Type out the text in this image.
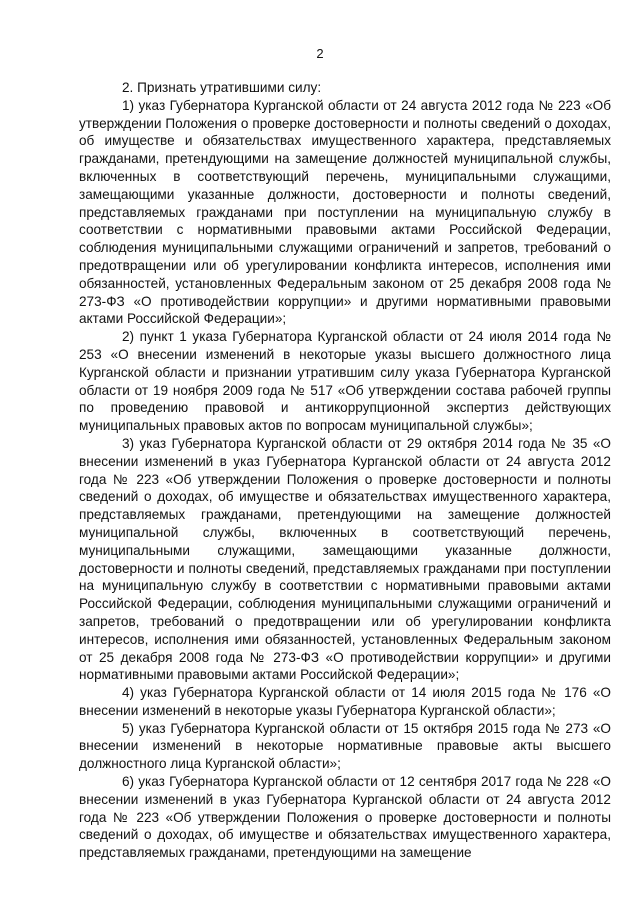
2

2. Признать утратившими силу:

1) указ Губернатора Курганской области от 24 августа 2012 года № 223 «Об утверждении Положения о проверке достоверности и полноты сведений о доходах, об имуществе и обязательствах имущественного характера, представляемых гражданами, претендующими на замещение должностей муниципальной службы, включенных в соответствующий перечень, муниципальными служащими, замещающими указанные должности, достоверности и полноты сведений, представляемых гражданами при поступлении на муниципальную службу в соответствии с нормативными правовыми актами Российской Федерации, соблюдения муниципальными служащими ограничений и запретов, требований о предотвращении или об урегулировании конфликта интересов, исполнения ими обязанностей, установленных Федеральным законом от 25 декабря 2008 года № 273-ФЗ «О противодействии коррупции» и другими нормативными правовыми актами Российской Федерации»;

2) пункт 1 указа Губернатора Курганской области от 24 июля 2014 года № 253 «О внесении изменений в некоторые указы высшего должностного лица Курганской области и признании утратившим силу указа Губернатора Курганской области от 19 ноября 2009 года № 517 «Об утверждении состава рабочей группы по проведению правовой и антикоррупционной экспертиз действующих муниципальных правовых актов по вопросам муниципальной службы»;

3) указ Губернатора Курганской области от 29 октября 2014 года № 35 «О внесении изменений в указ Губернатора Курганской области от 24 августа 2012 года № 223 «Об утверждении Положения о проверке достоверности и полноты сведений о доходах, об имуществе и обязательствах имущественного характера, представляемых гражданами, претендующими на замещение должностей муниципальной службы, включенных в соответствующий перечень, муниципальными служащими, замещающими указанные должности, достоверности и полноты сведений, представляемых гражданами при поступлении на муниципальную службу в соответствии с нормативными правовыми актами Российской Федерации, соблюдения муниципальными служащими ограничений и запретов, требований о предотвращении или об урегулировании конфликта интересов, исполнения ими обязанностей, установленных Федеральным законом от 25 декабря 2008 года № 273-ФЗ «О противодействии коррупции» и другими нормативными правовыми актами Российской Федерации»;

4) указ Губернатора Курганской области от 14 июля 2015 года № 176 «О внесении изменений в некоторые указы Губернатора Курганской области»;

5) указ Губернатора Курганской области от 15 октября 2015 года № 273 «О внесении изменений в некоторые нормативные правовые акты высшего должностного лица Курганской области»;

6) указ Губернатора Курганской области от 12 сентября 2017 года № 228 «О внесении изменений в указ Губернатора Курганской области от 24 августа 2012 года № 223 «Об утверждении Положения о проверке достоверности и полноты сведений о доходах, об имуществе и обязательствах имущественного характера, представляемых гражданами, претендующими на замещение
